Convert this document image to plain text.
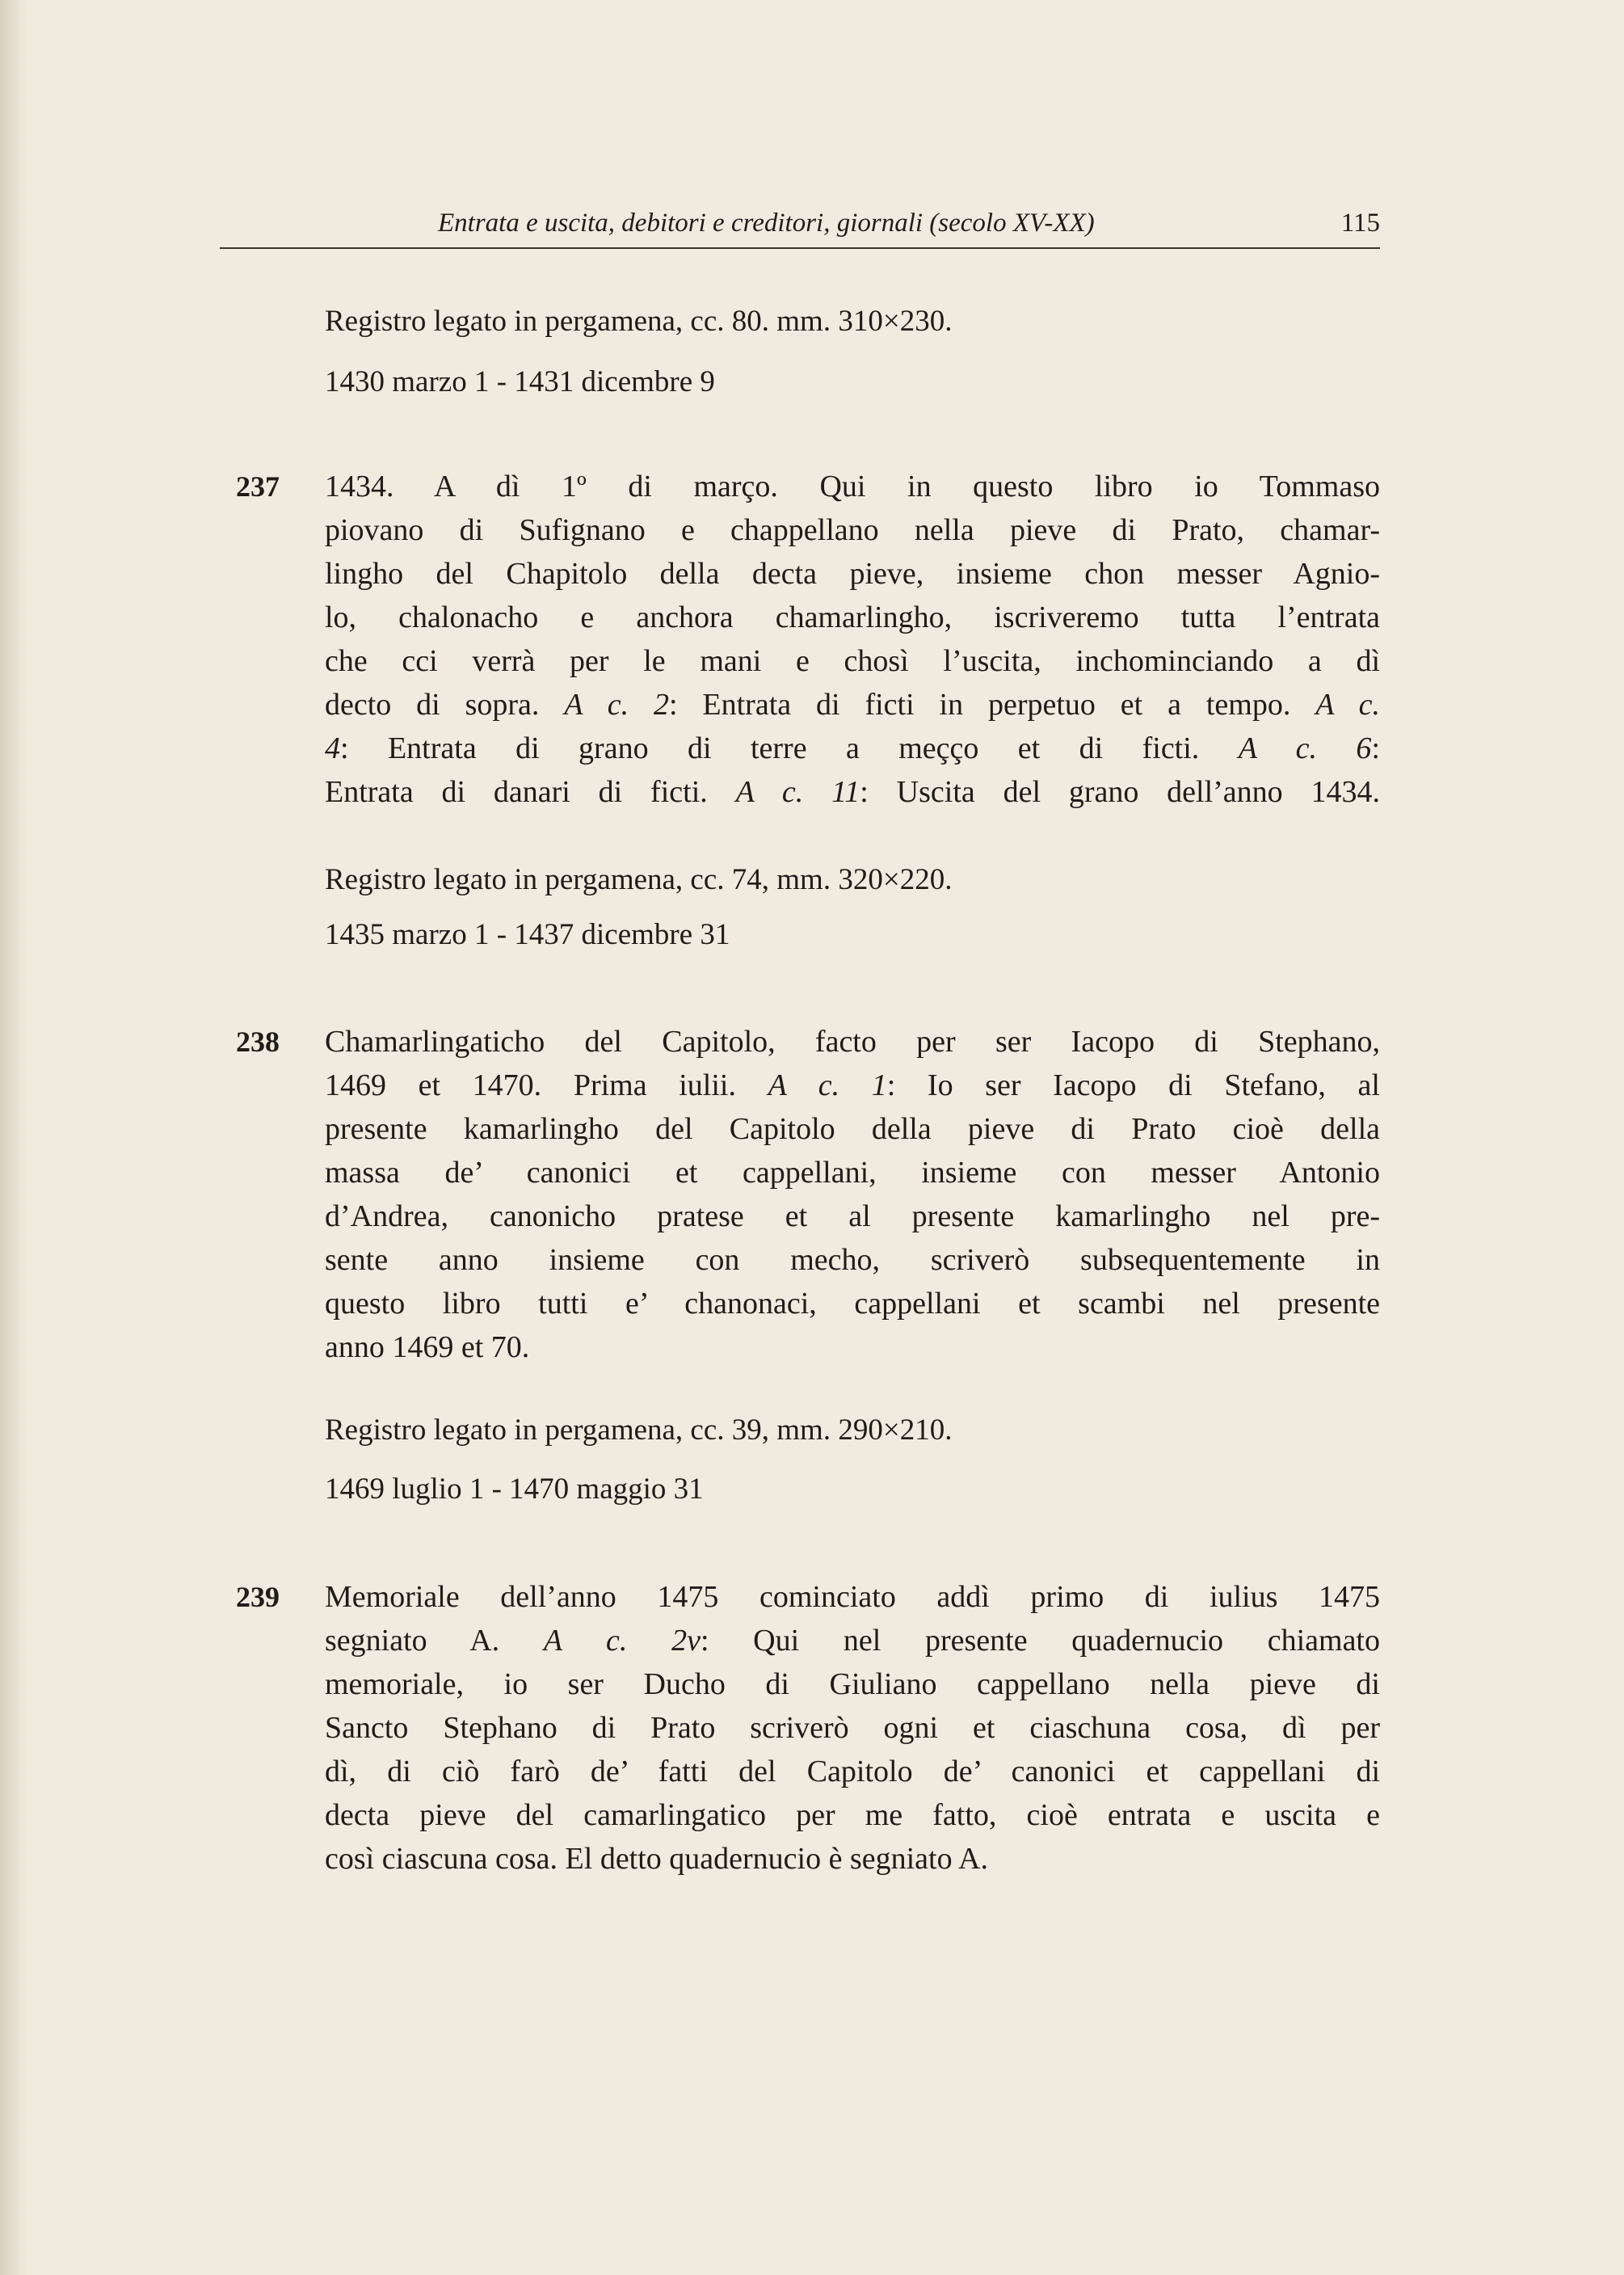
Entrata e uscita, debitori e creditori, giornali (secolo XV-XX)	115
Registro legato in pergamena, cc. 80. mm. 310×230.
1430 marzo 1 - 1431 dicembre 9
237 1434. A dì 1º di marçο. Qui in questo libro io Tommaso
piovano di Sufignano e chappellano nella pieve di Prato, chamar-
lingho del Chapitolo della decta pieve, insieme chon messer Agnio-
lo, chalonacho e anchora chamarlingho, iscriveremo tutta l’entrata
che cci verrà per le mani e chosì l’uscita, inchominciando a dì
decto di sopra. A c. 2: Entrata di ficti in perpetuo et a tempo. A c.
4: Entrata di grano di terre a meçço et di ficti. A c. 6:
Entrata di danari di ficti. A c. 11: Uscita del grano dell’anno 1434.
Registro legato in pergamena, cc. 74, mm. 320×220.
1435 marzo 1 - 1437 dicembre 31
238 Chamarlingaticho del Capitolo, facto per ser Iacopo di Stephano,
1469 et 1470. Prima iulii. A c. 1: Io ser Iacopo di Stefano, al
presente kamarlingho del Capitolo della pieve di Prato cioè della
massa de’ canonici et cappellani, insieme con messer Antonio
d’Andrea, canonicho pratese et al presente kamarlingho nel pre-
sente anno insieme con mecho, scriverò subsequentemente in
questo libro tutti e’ chanonaci, cappellani et scambi nel presente
anno 1469 et 70.
Registro legato in pergamena, cc. 39, mm. 290×210.
1469 luglio 1 - 1470 maggio 31
239 Memoriale dell’anno 1475 cominciato addì primo di iulius 1475
segniato A. A c. 2v: Qui nel presente quadernucio chiamato
memoriale, io ser Ducho di Giuliano cappellano nella pieve di
Sancto Stephano di Prato scriverò ogni et ciaschuna cosa, dì per
dì, di ciò farò de’ fatti del Capitolo de’ canonici et cappellani di
decta pieve del camarlingatico per me fatto, cioè entrata e uscita e
così ciascuna cosa. El detto quadernucio è segniato A.
